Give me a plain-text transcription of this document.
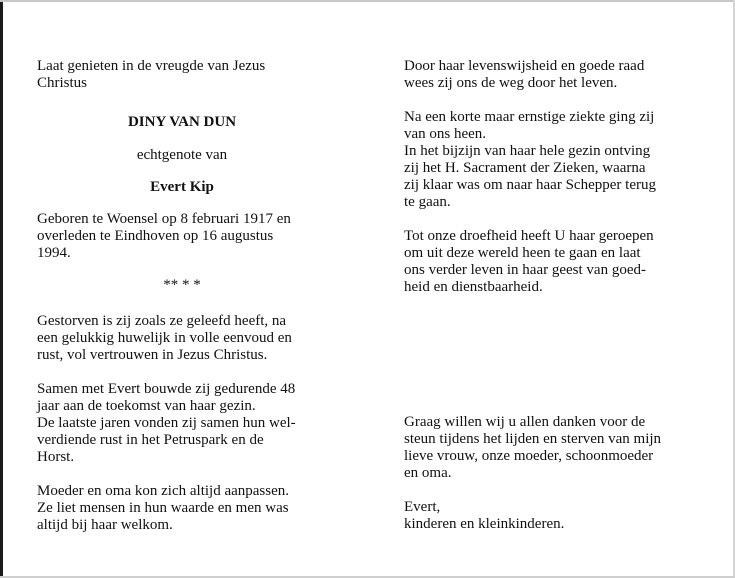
Laat genieten in de vreugde van Jezus
Christus

DINY VAN DUN

echtgenote van

Evert Kip

Geboren te Woensel op 8 februari 1917 en
overleden te Eindhoven op 16 augustus
1994.

** * *

Gestorven is zij zoals ze geleefd heeft, na
een gelukkig huwelijk in volle eenvoud en
rust, vol vertrouwen in Jezus Christus.

Samen met Evert bouwde zij gedurende 48
jaar aan de toekomst van haar gezin.
De laatste jaren vonden zij samen hun wel-
verdiende rust in het Petruspark en de
Horst.

Moeder en oma kon zich altijd aanpassen.
Ze liet mensen in hun waarde en men was
altijd bij haar welkom.

Door haar levenswijsheid en goede raad
wees zij ons de weg door het leven.

Na een korte maar ernstige ziekte ging zij
van ons heen.
In het bijzijn van haar hele gezin ontving
zij het H. Sacrament der Zieken, waarna
zij klaar was om naar haar Schepper terug
te gaan.

Tot onze droefheid heeft U haar geroepen
om uit deze wereld heen te gaan en laat
ons verder leven in haar geest van goed-
heid en dienstbaarheid.

Graag willen wij u allen danken voor de
steun tijdens het lijden en sterven van mijn
lieve vrouw, onze moeder, schoonmoeder
en oma.

Evert,
kinderen en kleinkinderen.
